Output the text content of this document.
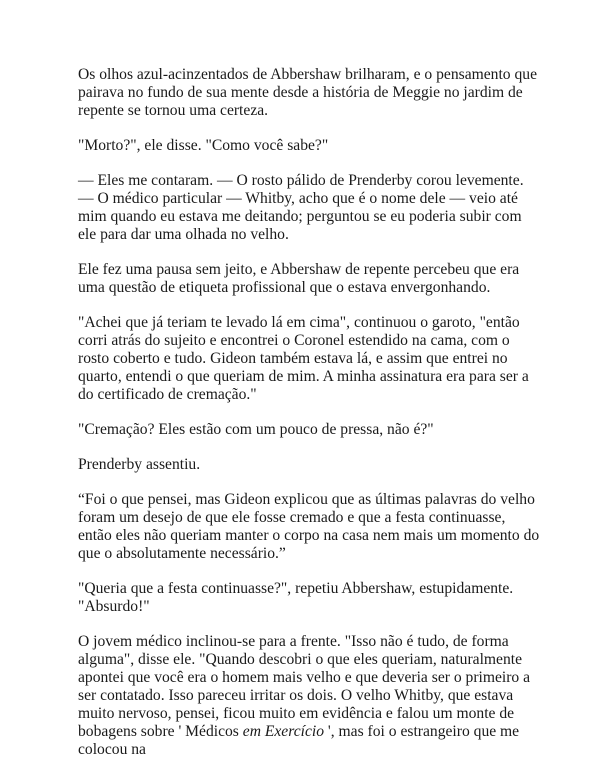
Os olhos azul-acinzentados de Abbershaw brilharam, e o pensamento que pairava no fundo de sua mente desde a história de Meggie no jardim de repente se tornou uma certeza.

"Morto?", ele disse. "Como você sabe?"

— Eles me contaram. — O rosto pálido de Prenderby corou levemente. — O médico particular — Whitby, acho que é o nome dele — veio até mim quando eu estava me deitando; perguntou se eu poderia subir com ele para dar uma olhada no velho.

Ele fez uma pausa sem jeito, e Abbershaw de repente percebeu que era uma questão de etiqueta profissional que o estava envergonhando.

"Achei que já teriam te levado lá em cima", continuou o garoto, "então corri atrás do sujeito e encontrei o Coronel estendido na cama, com o rosto coberto e tudo. Gideon também estava lá, e assim que entrei no quarto, entendi o que queriam de mim. A minha assinatura era para ser a do certificado de cremação."

"Cremação? Eles estão com um pouco de pressa, não é?"

Prenderby assentiu.

“Foi o que pensei, mas Gideon explicou que as últimas palavras do velho foram um desejo de que ele fosse cremado e que a festa continuasse, então eles não queriam manter o corpo na casa nem mais um momento do que o absolutamente necessário.”

"Queria que a festa continuasse?", repetiu Abbershaw, estupidamente. "Absurdo!"

O jovem médico inclinou-se para a frente. "Isso não é tudo, de forma alguma", disse ele. "Quando descobri o que eles queriam, naturalmente apontei que você era o homem mais velho e que deveria ser o primeiro a ser contatado. Isso pareceu irritar os dois. O velho Whitby, que estava muito nervoso, pensei, ficou muito em evidência e falou um monte de bobagens sobre ' Médicos em Exercício ', mas foi o estrangeiro que me colocou na
